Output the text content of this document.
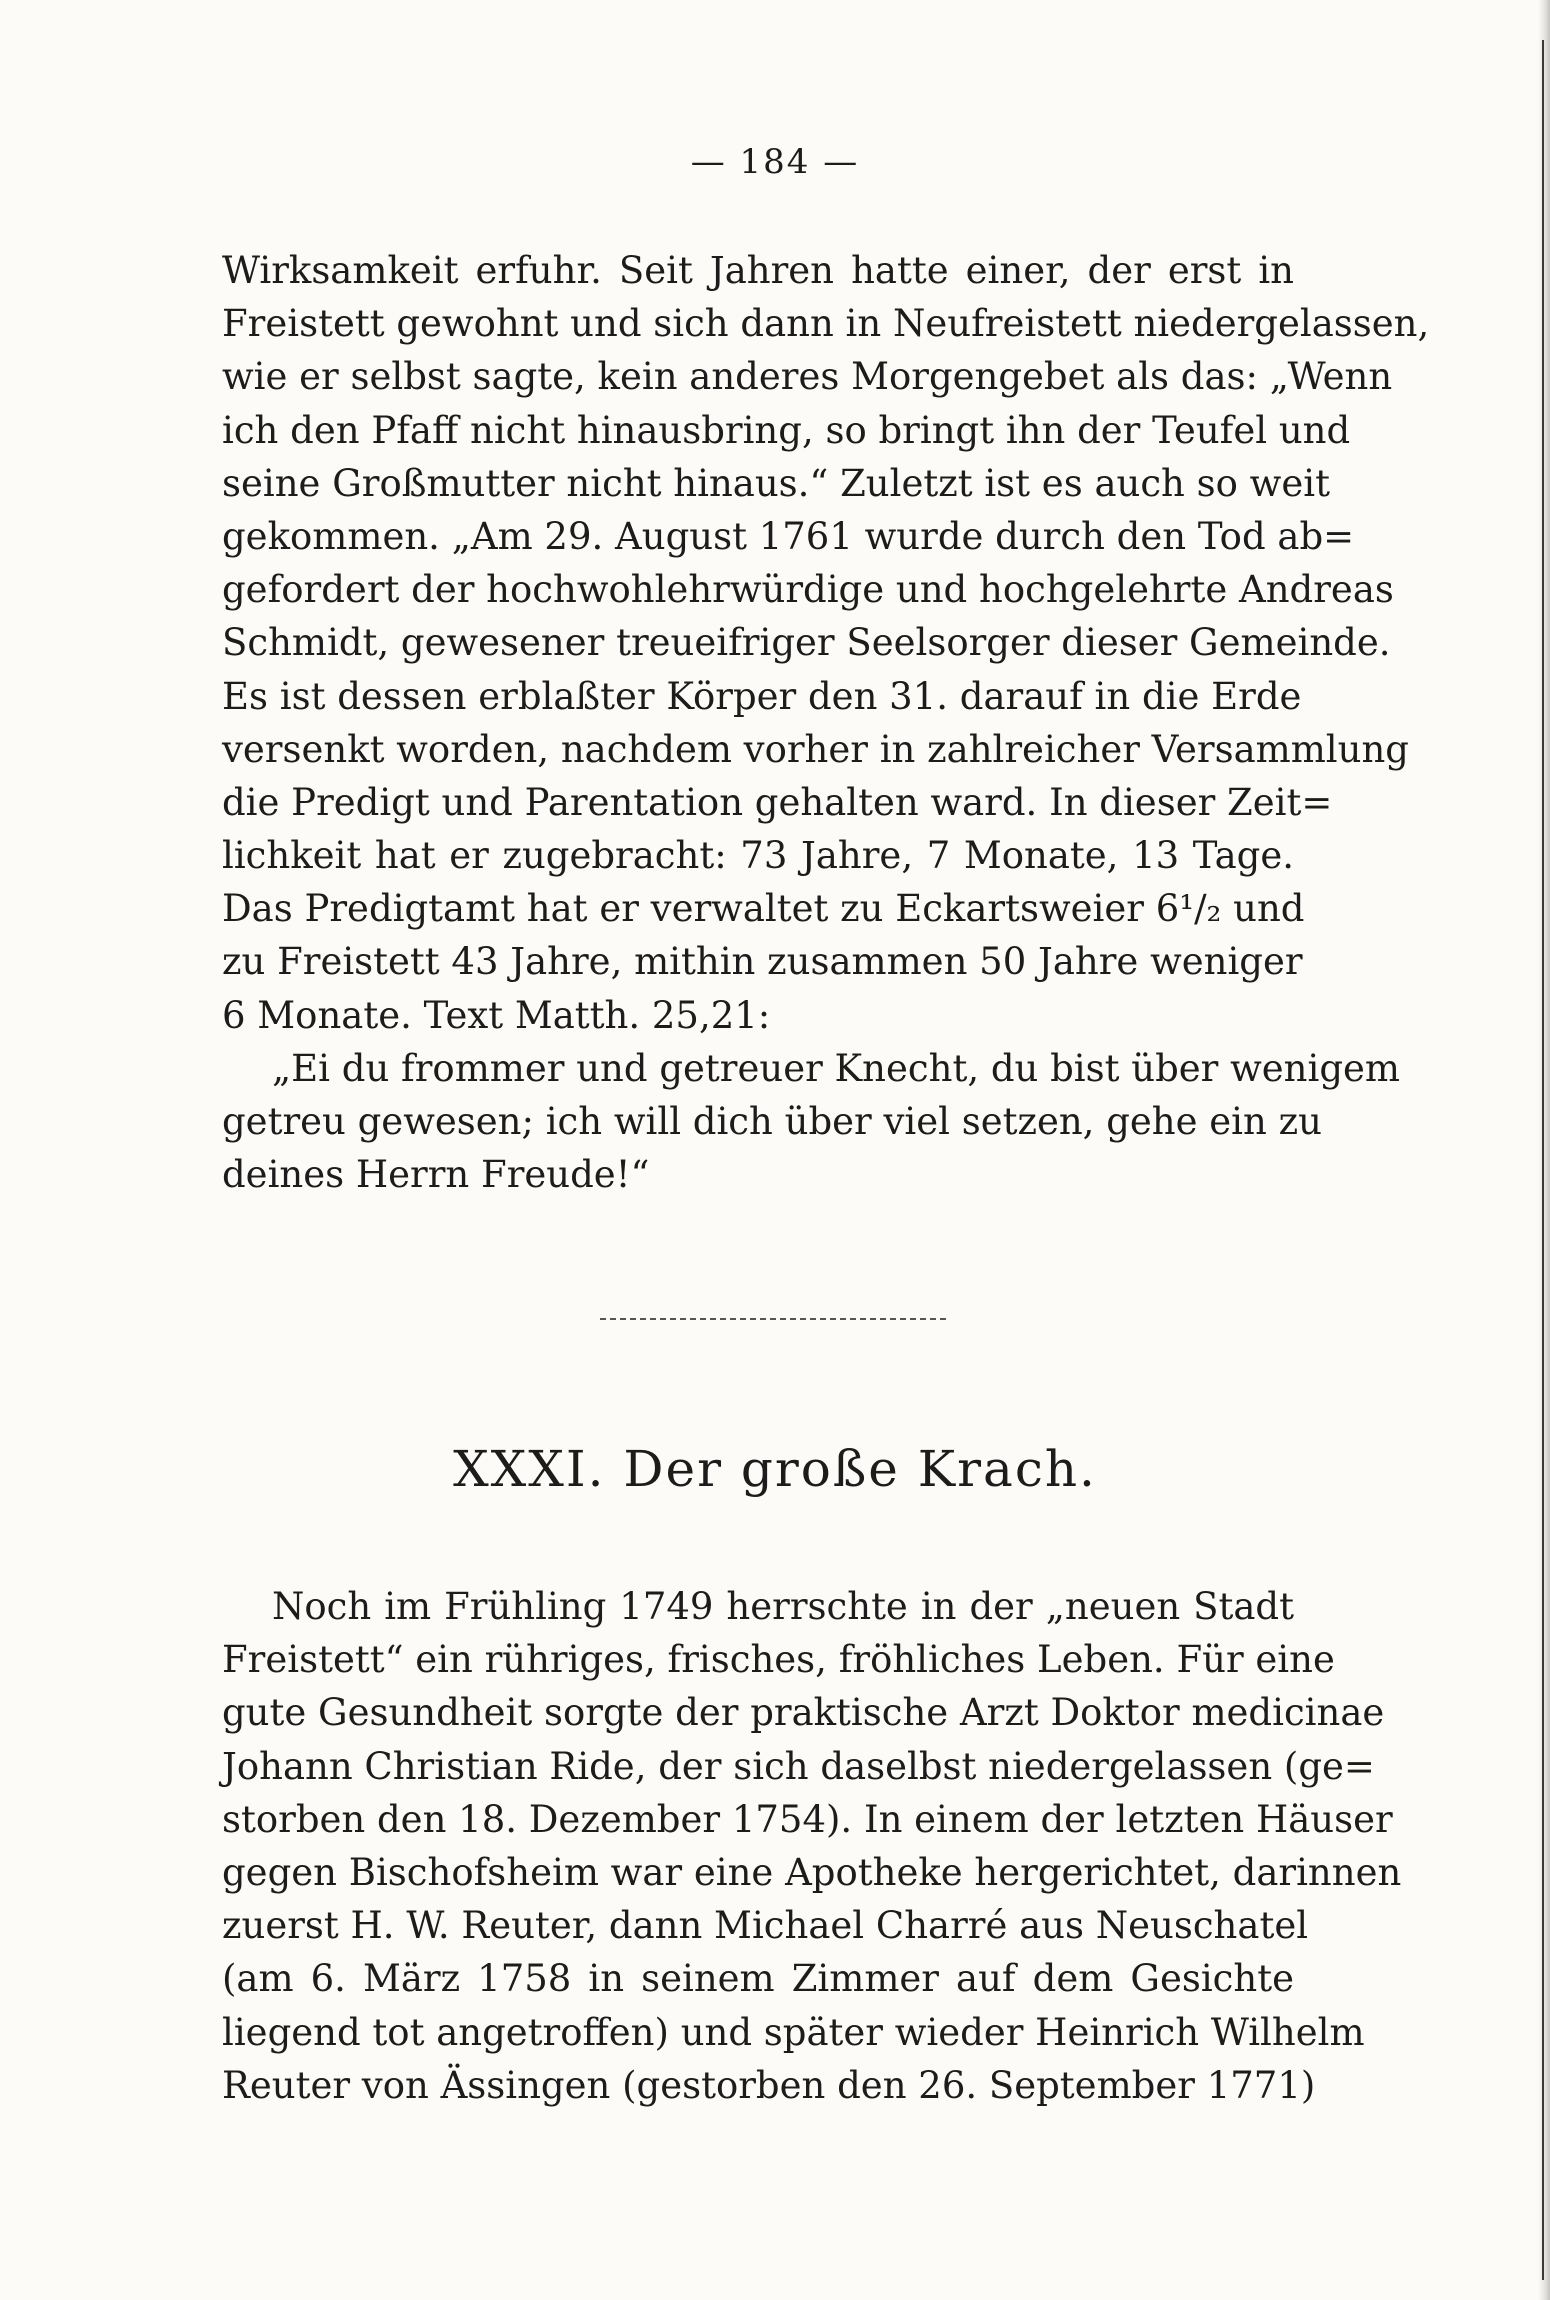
— 184 —
Wirksamkeit erfuhr. Seit Jahren hatte einer, der erst in
Freistett gewohnt und sich dann in Neufreistett niedergelassen,
wie er selbst sagte, kein anderes Morgengebet als das: „Wenn
ich den Pfaff nicht hinausbring, so bringt ihn der Teufel und
seine Großmutter nicht hinaus.“ Zuletzt ist es auch so weit
gekommen. „Am 29. August 1761 wurde durch den Tod ab=
gefordert der hochwohlehrwürdige und hochgelehrte Andreas
Schmidt, gewesener treueifriger Seelsorger dieser Gemeinde.
Es ist dessen erblaßter Körper den 31. darauf in die Erde
versenkt worden, nachdem vorher in zahlreicher Versammlung
die Predigt und Parentation gehalten ward. In dieser Zeit=
lichkeit hat er zugebracht: 73 Jahre, 7 Monate, 13 Tage.
Das Predigtamt hat er verwaltet zu Eckartsweier 6¹/₂ und
zu Freistett 43 Jahre, mithin zusammen 50 Jahre weniger
6 Monate. Text Matth. 25,21:
„Ei du frommer und getreuer Knecht, du bist über wenigem
getreu gewesen; ich will dich über viel setzen, gehe ein zu
deines Herrn Freude!“
XXXI. Der große Krach.
Noch im Frühling 1749 herrschte in der „neuen Stadt
Freistett“ ein rühriges, frisches, fröhliches Leben. Für eine
gute Gesundheit sorgte der praktische Arzt Doktor medicinae
Johann Christian Ride, der sich daselbst niedergelassen (ge=
storben den 18. Dezember 1754). In einem der letzten Häuser
gegen Bischofsheim war eine Apotheke hergerichtet, darinnen
zuerst H. W. Reuter, dann Michael Charré aus Neuschatel
(am 6. März 1758 in seinem Zimmer auf dem Gesichte
liegend tot angetroffen) und später wieder Heinrich Wilhelm
Reuter von Ässingen (gestorben den 26. September 1771)
